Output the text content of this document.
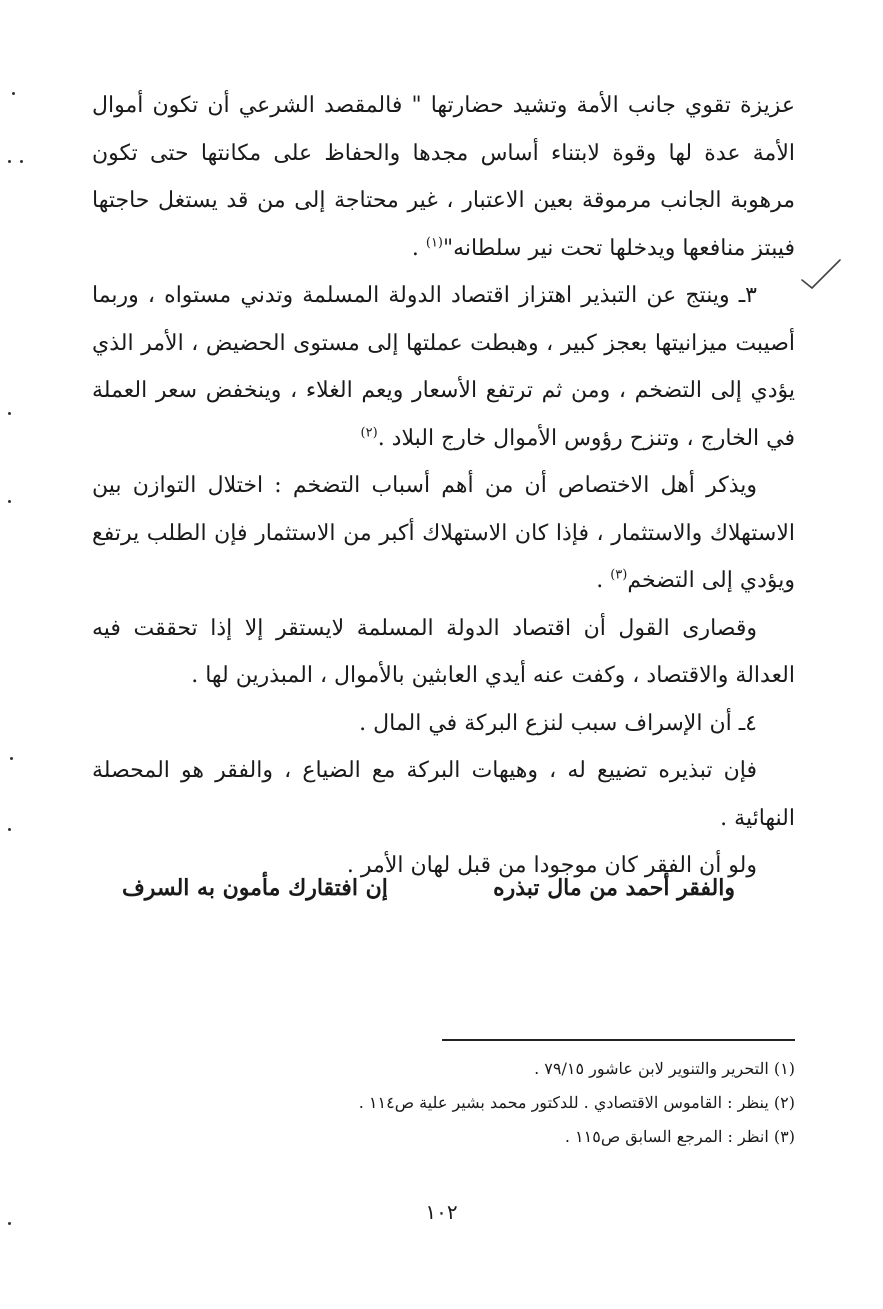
عزيزة تقوي جانب الأمة وتشيد حضارتها " فالمقصد الشرعي أن تكون أموال الأمة عدة لها وقوة لابتناء أساس مجدها والحفاظ على مكانتها حتى تكون مرهوبة الجانب مرموقة بعين الاعتبار ، غير محتاجة إلى من قد يستغل حاجتها فيبتز منافعها ويدخلها تحت نير سلطانه"$^{(١)}$ .

٣ـ وينتج عن التبذير اهتزاز اقتصاد الدولة المسلمة وتدني مستواه ، وربما أصيبت ميزانيتها بعجز كبير ، وهبطت عملتها إلى مستوى الحضيض ، الأمر الذي يؤدي إلى التضخم ، ومن ثم ترتفع الأسعار ويعم الغلاء ، وينخفض سعر العملة في الخارج ، وتنزح رؤوس الأموال خارج البلاد .$^{(٢)}$

ويذكر أهل الاختصاص أن من أهم أسباب التضخم : اختلال التوازن بين الاستهلاك والاستثمار ، فإذا كان الاستهلاك أكبر من الاستثمار فإن الطلب يرتفع ويؤدي إلى التضخم$^{(٣)}$ .

وقصارى القول أن اقتصاد الدولة المسلمة لايستقر إلا إذا تحققت فيه العدالة والاقتصاد ، وكفت عنه أيدي العابثين بالأموال ، المبذرين لها .

٤ـ أن الإسراف سبب لنزع البركة في المال .

فإن تبذيره تضييع له ، وهيهات البركة مع الضياع ، والفقر هو المحصلة النهائية .

ولو أن الفقر كان موجودا من قبل لهان الأمر .

والفقر أحمد من مال تبذره
إن افتقارك مأمون به السرف
(١) التحرير والتنوير لابن عاشور ٧٩/١٥ .
(٢) ينظر : القاموس الاقتصادي . للدكتور محمد بشير علية ص١١٤ .
(٣) انظر : المرجع السابق ص١١٥ .
١٠٢
